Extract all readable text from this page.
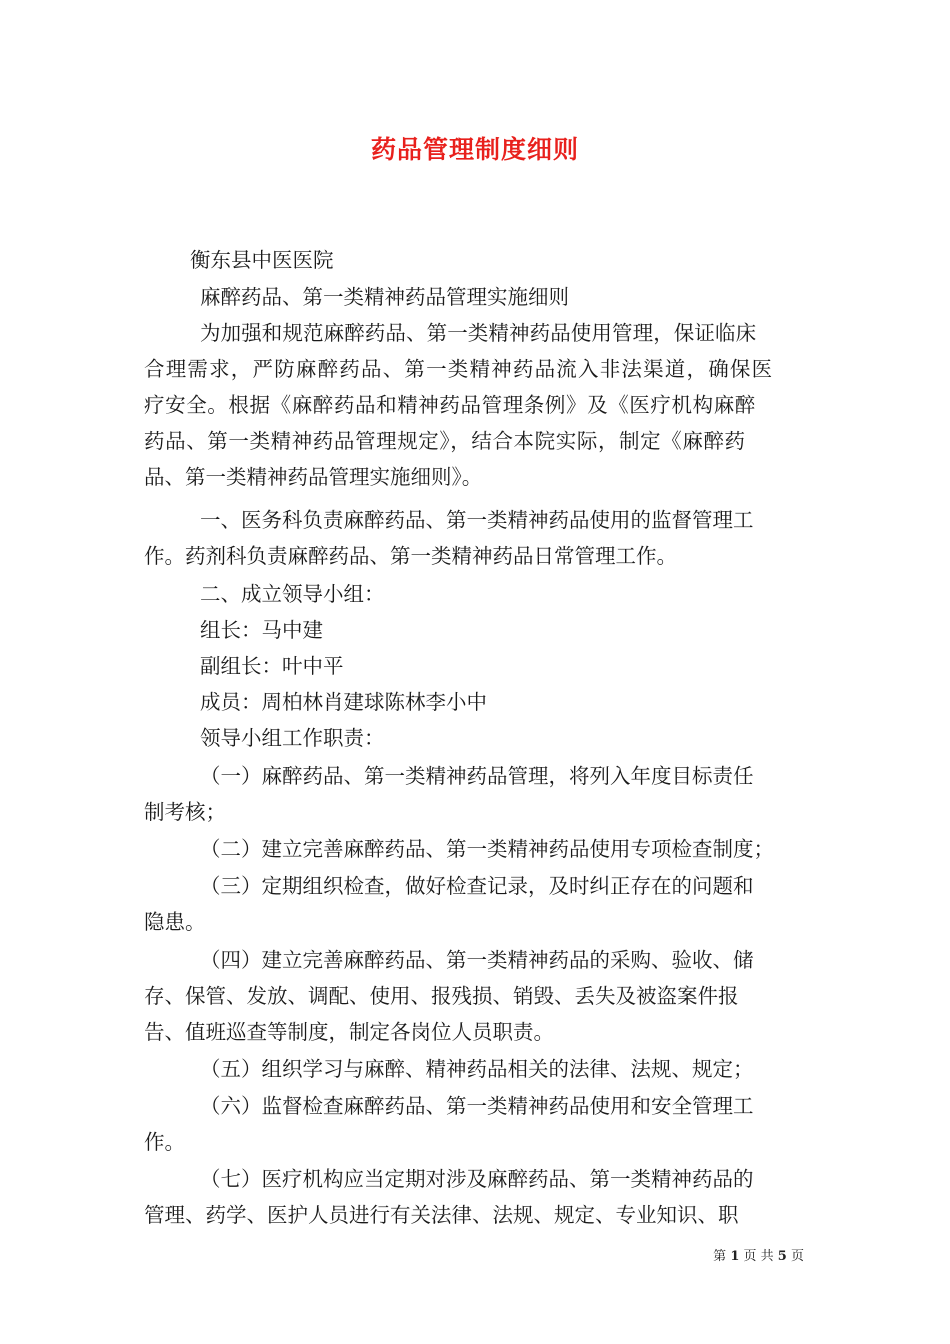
药品管理制度细则
衡东县中医医院
麻醉药品、第一类精神药品管理实施细则
为加强和规范麻醉药品、第一类精神药品使用管理，保证临床
合理需求，严防麻醉药品、第一类精神药品流入非法渠道，确保医
疗安全。根据《麻醉药品和精神药品管理条例》及《医疗机构麻醉
药品、第一类精神药品管理规定》，结合本院实际，制定《麻醉药
品、第一类精神药品管理实施细则》。
一、医务科负责麻醉药品、第一类精神药品使用的监督管理工
作。药剂科负责麻醉药品、第一类精神药品日常管理工作。
二、成立领导小组：
组长：马中建
副组长：叶中平
成员：周柏林肖建球陈林李小中
领导小组工作职责：
（一）麻醉药品、第一类精神药品管理，将列入年度目标责任
制考核；
（二）建立完善麻醉药品、第一类精神药品使用专项检查制度；
（三）定期组织检查，做好检查记录，及时纠正存在的问题和
隐患。
（四）建立完善麻醉药品、第一类精神药品的采购、验收、储
存、保管、发放、调配、使用、报残损、销毁、丢失及被盗案件报
告、值班巡查等制度，制定各岗位人员职责。
（五）组织学习与麻醉、精神药品相关的法律、法规、规定；
（六）监督检查麻醉药品、第一类精神药品使用和安全管理工
作。
（七）医疗机构应当定期对涉及麻醉药品、第一类精神药品的
管理、药学、医护人员进行有关法律、法规、规定、专业知识、职
第 1 页 共 5 页
